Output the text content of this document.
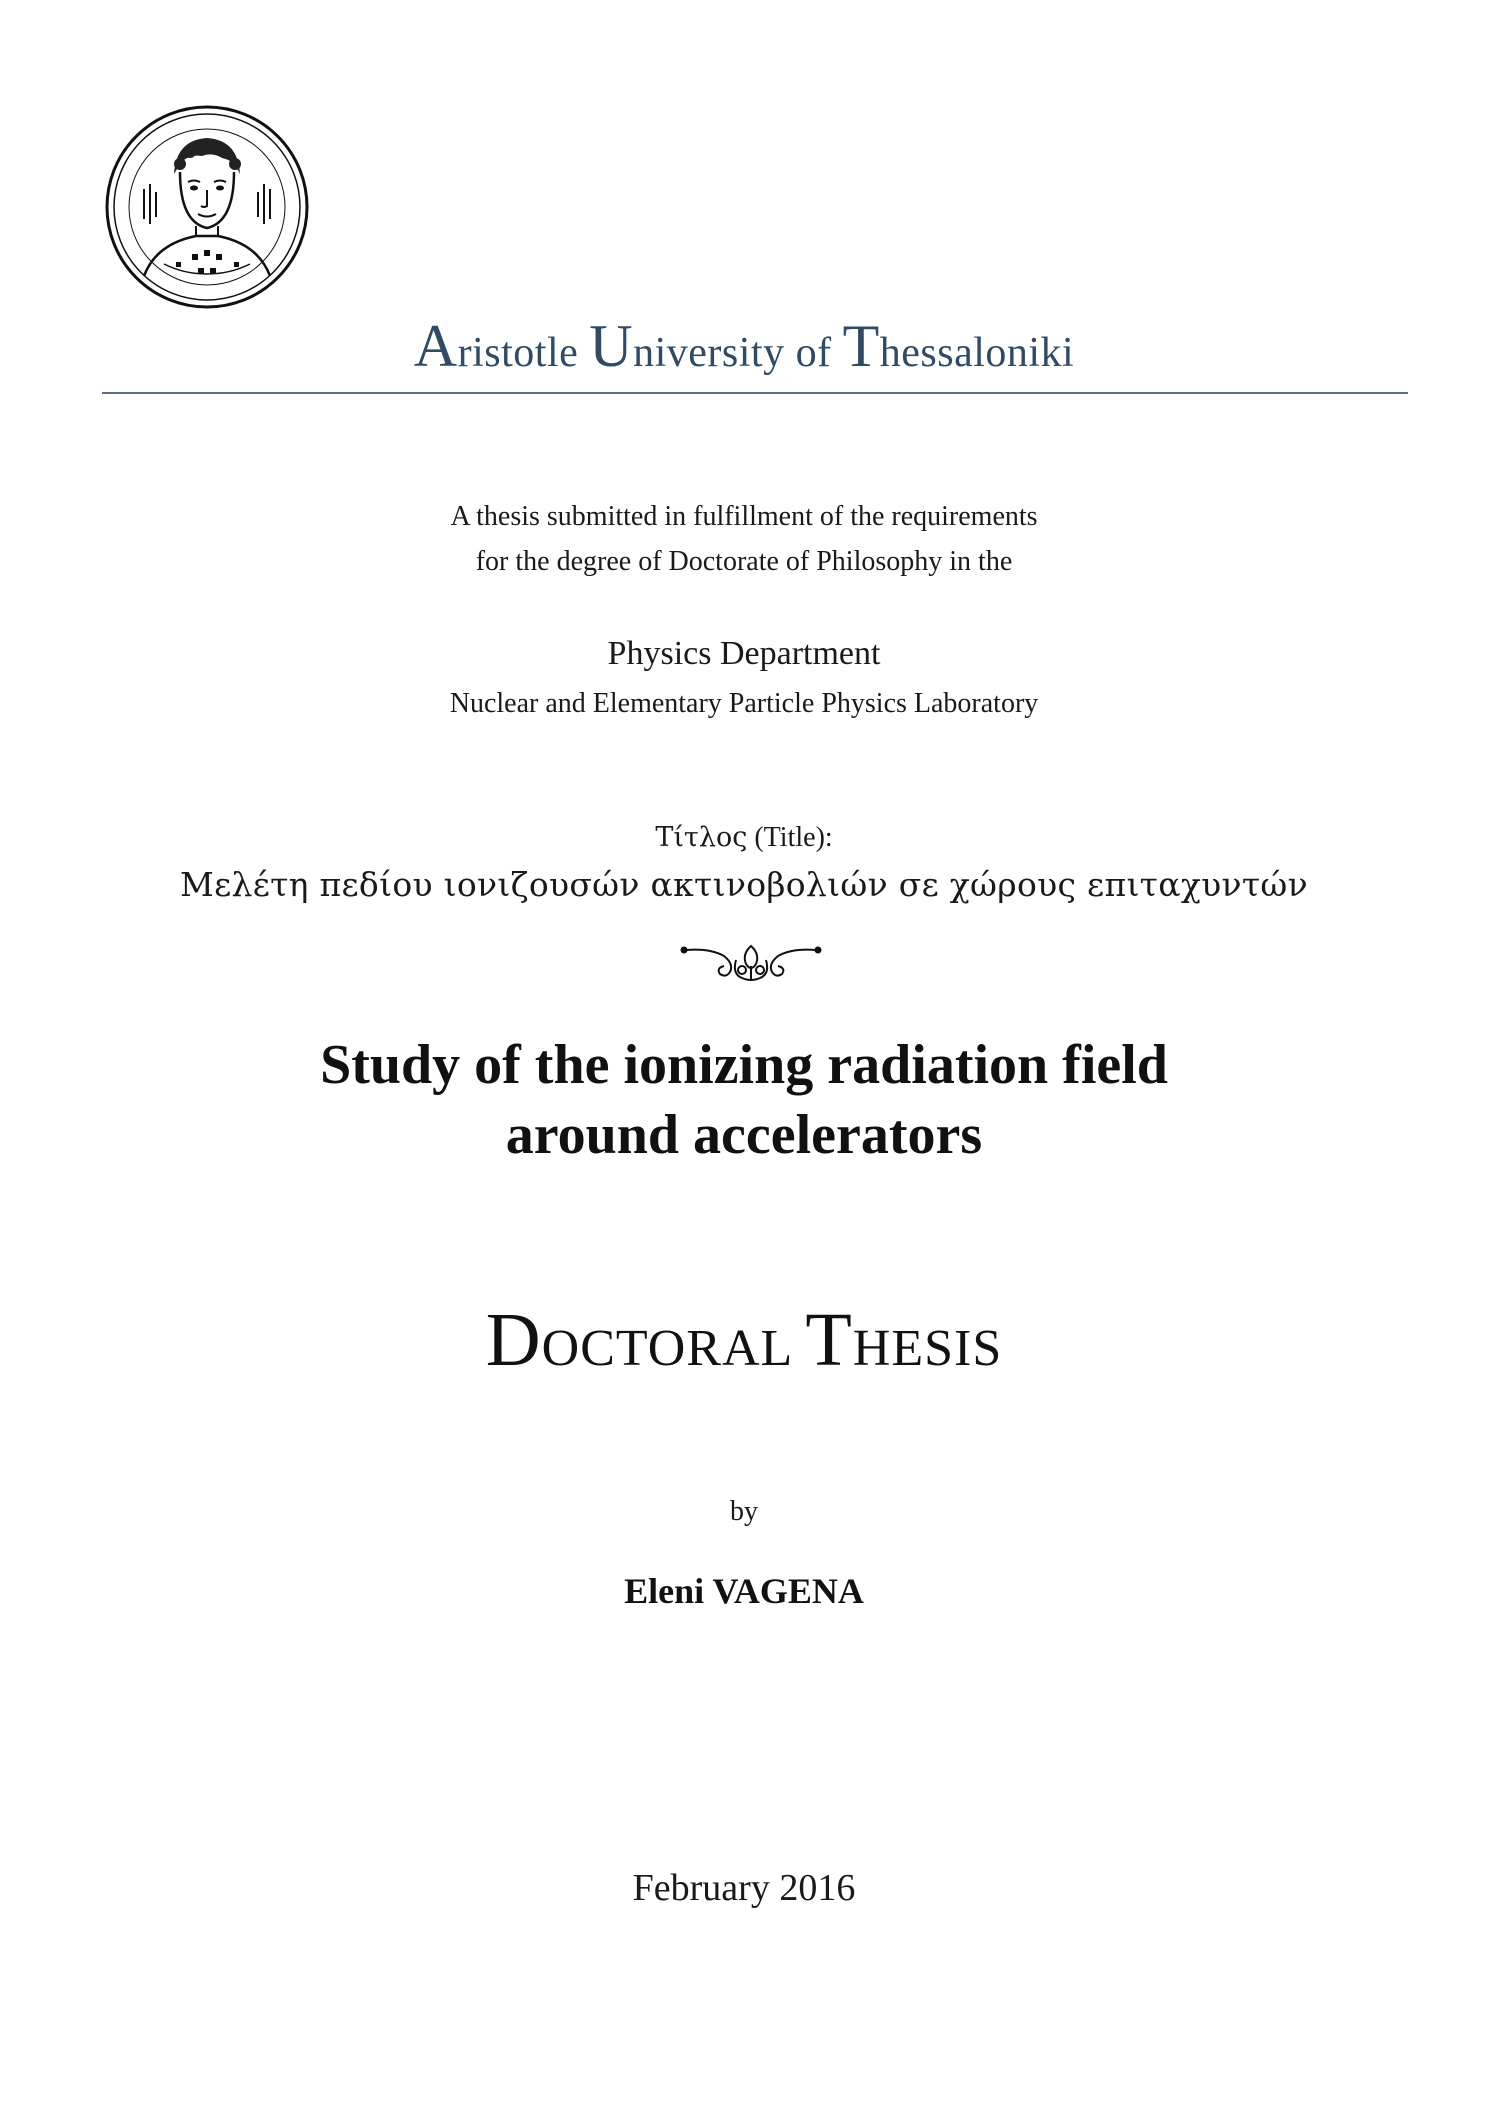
Aristotle University of Thessaloniki
A thesis submitted in fulfillment of the requirements
for the degree of Doctorate of Philosophy in the
Physics Department
Nuclear and Elementary Particle Physics Laboratory
Τίτλος (Title):
Μελέτη πεδίου ιονιζουσών ακτινοβολιών σε χώρους επιταχυντών
Study of the ionizing radiation field
around accelerators
DOCTORAL THESIS
by
Eleni VAGENA
February 2016
